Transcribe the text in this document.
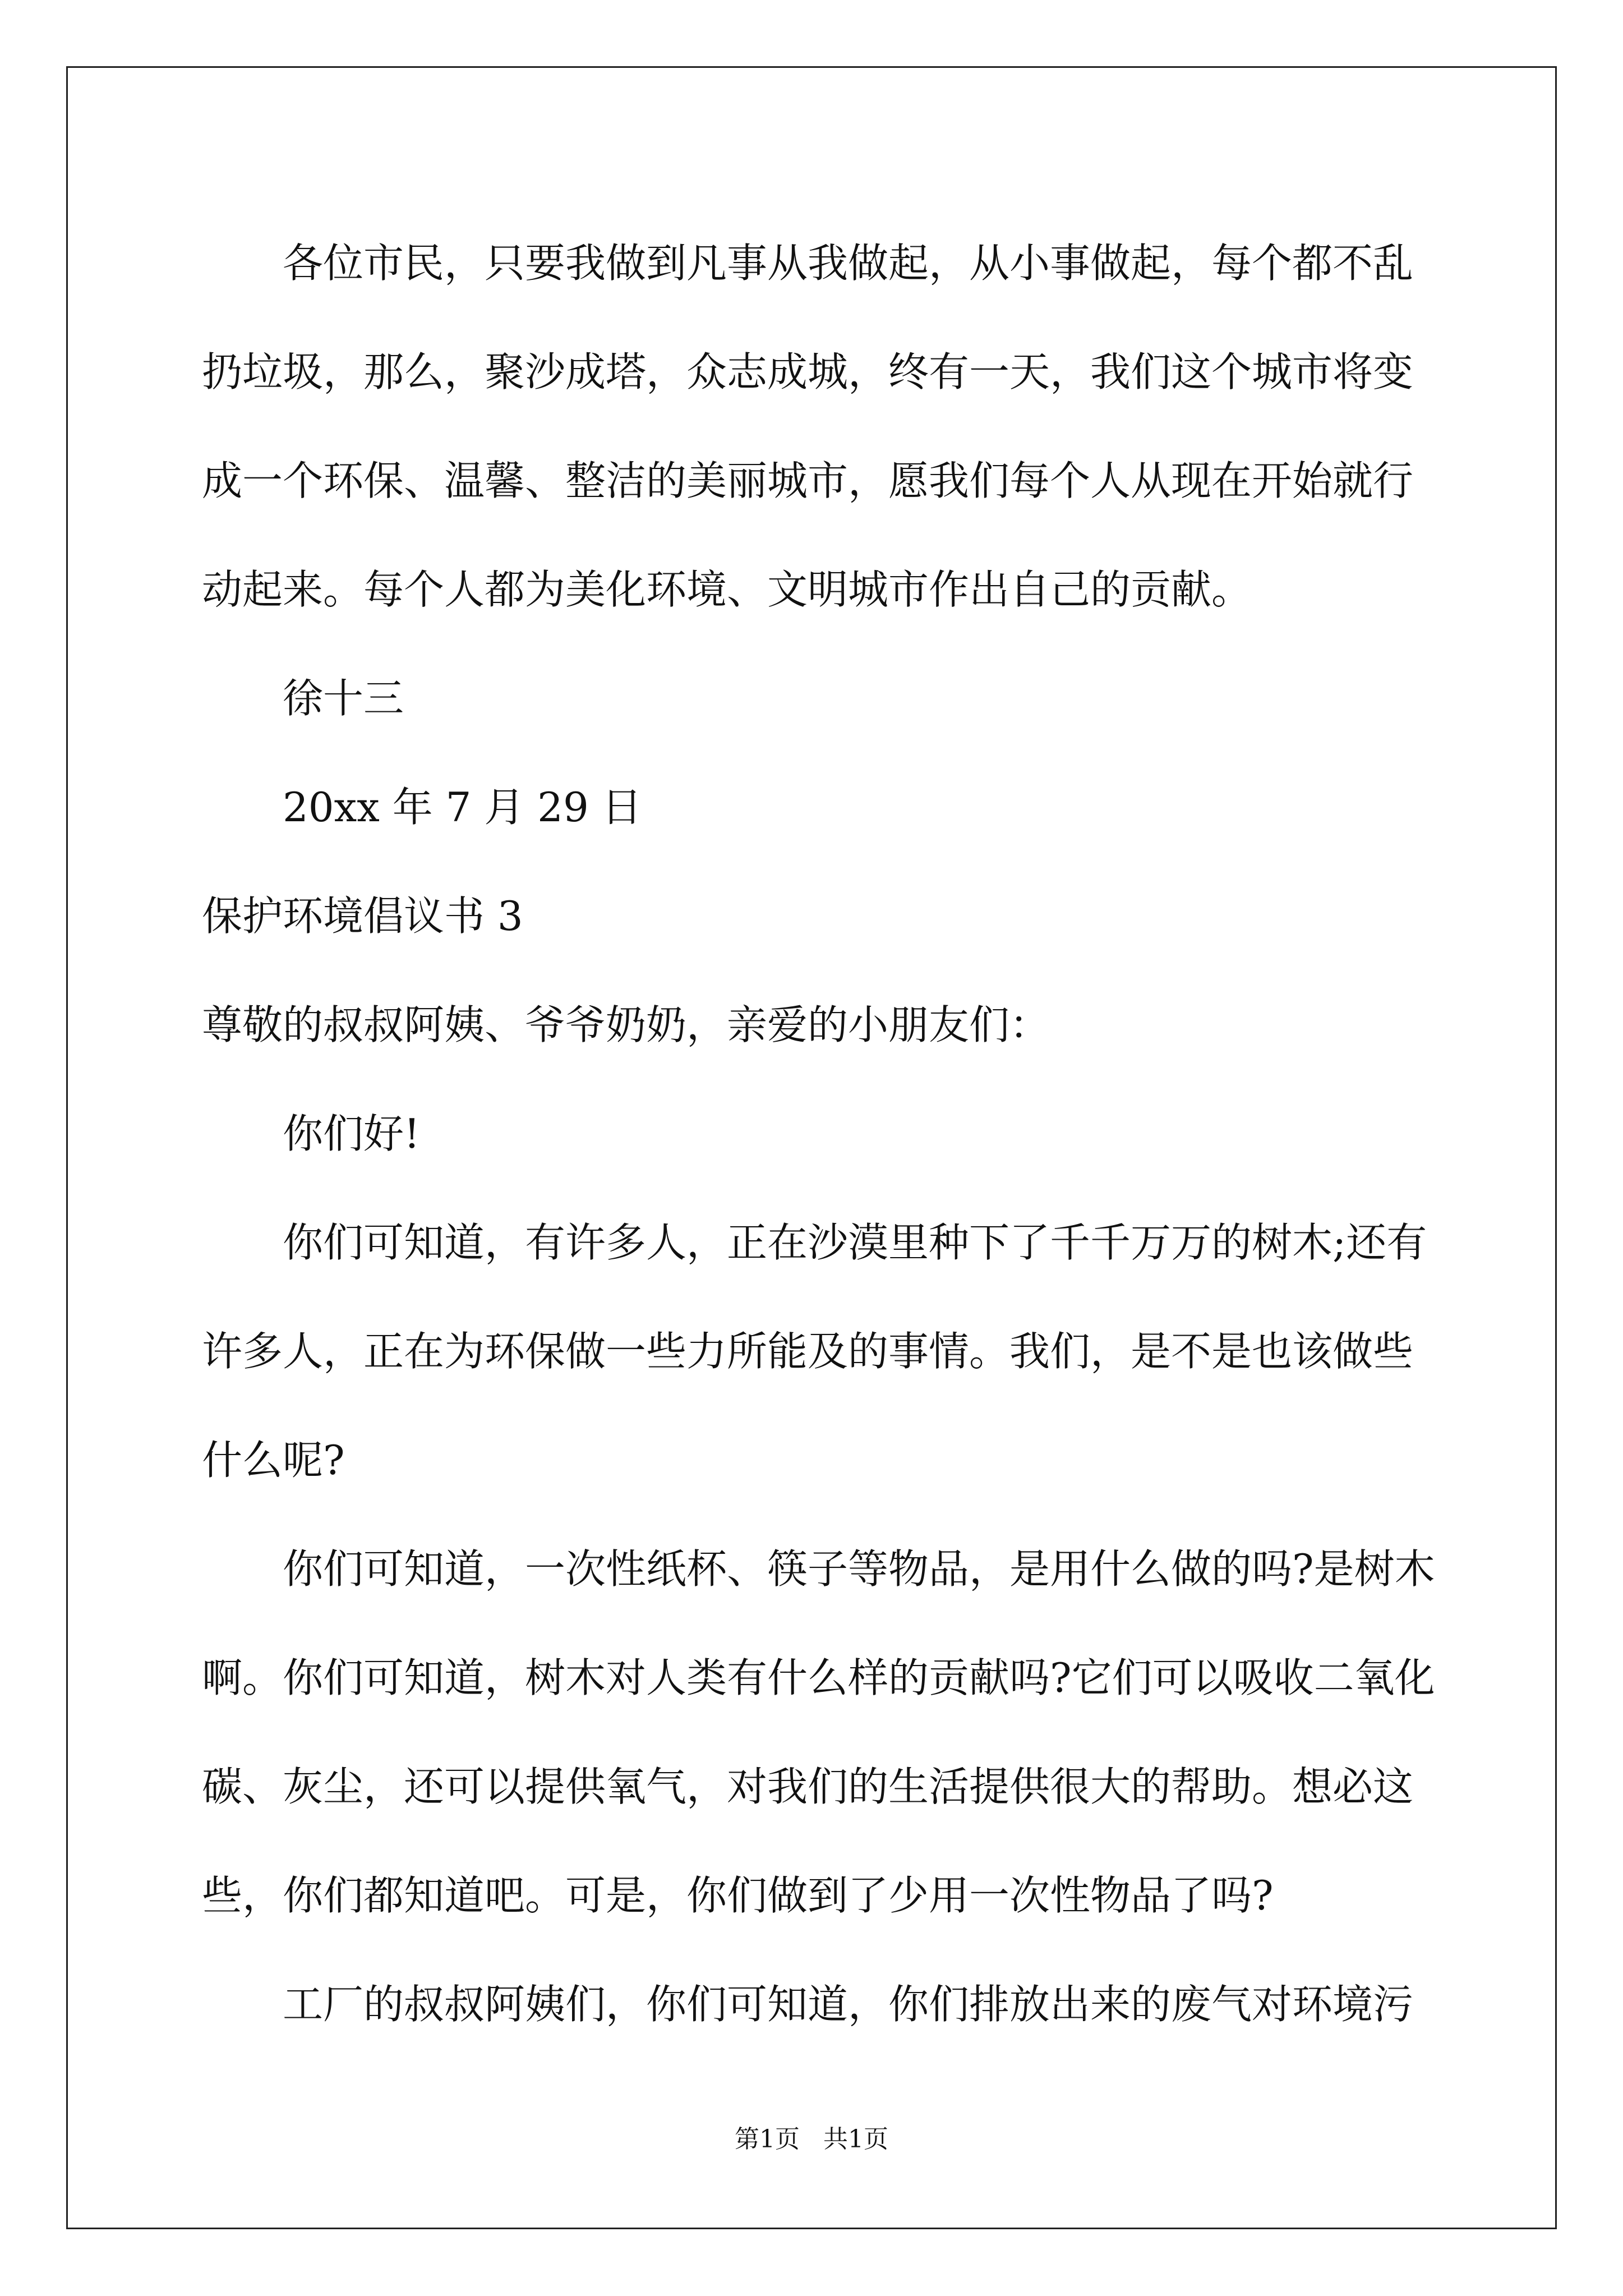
各位市民，只要我做到凡事从我做起，从小事做起，每个都不乱
扔垃圾，那么，聚沙成塔，众志成城，终有一天，我们这个城市将变
成一个环保、温馨、整洁的美丽城市，愿我们每个人从现在开始就行
动起来。每个人都为美化环境、文明城市作出自己的贡献。
徐十三
20xx 年 7 月 29 日
保护环境倡议书 3
尊敬的叔叔阿姨、爷爷奶奶，亲爱的小朋友们：
你们好!
你们可知道，有许多人，正在沙漠里种下了千千万万的树木;还有
许多人，正在为环保做一些力所能及的事情。我们，是不是也该做些
什么呢?
你们可知道，一次性纸杯、筷子等物品，是用什么做的吗?是树木
啊。你们可知道，树木对人类有什么样的贡献吗?它们可以吸收二氧化
碳、灰尘，还可以提供氧气，对我们的生活提供很大的帮助。想必这
些，你们都知道吧。可是，你们做到了少用一次性物品了吗?
工厂的叔叔阿姨们，你们可知道，你们排放出来的废气对环境污
第1页   共1页
